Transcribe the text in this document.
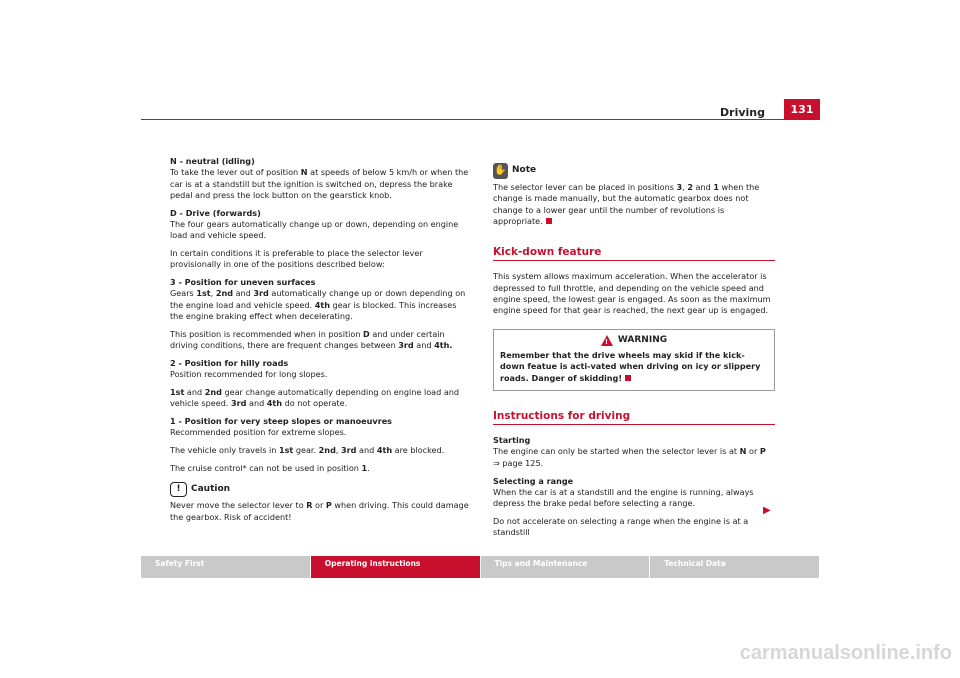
Driving	131
N - neutral (idling)
To take the lever out of position N at speeds of below 5 km/h or when the car is at a standstill but the ignition is switched on, depress the brake pedal and press the lock button on the gearstick knob.
D - Drive (forwards)
The four gears automatically change up or down, depending on engine load and vehicle speed.
In certain conditions it is preferable to place the selector lever provisionally in one of the positions described below:
3 - Position for uneven surfaces
Gears 1st, 2nd and 3rd automatically change up or down depending on the engine load and vehicle speed. 4th gear is blocked. This increases the engine braking effect when decelerating.
This position is recommended when in position D and under certain driving conditions, there are frequent changes between 3rd and 4th.
2 - Position for hilly roads
Position recommended for long slopes.
1st and 2nd gear change automatically depending on engine load and vehicle speed. 3rd and 4th do not operate.
1 - Position for very steep slopes or manoeuvres
Recommended position for extreme slopes.
The vehicle only travels in 1st gear. 2nd, 3rd and 4th are blocked.
The cruise control* can not be used in position 1.
!	Caution
Never move the selector lever to R or P when driving. This could damage the gearbox. Risk of accident!
✋ Note
The selector lever can be placed in positions 3, 2 and 1 when the change is made manually, but the automatic gearbox does not change to a lower gear until the number of revolutions is appropriate.
Kick-down feature
This system allows maximum acceleration. When the accelerator is depressed to full throttle, and depending on the vehicle speed and engine speed, the lowest gear is engaged. As soon as the maximum engine speed for that gear is reached, the next gear up is engaged.
! WARNING
Remember that the drive wheels may skid if the kick-down featue is acti-vated when driving on icy or slippery roads. Danger of skidding!
Instructions for driving
Starting
The engine can only be started when the selector lever is at N or P ⇒ page 125.
Selecting a range
When the car is at a standstill and the engine is running, always depress the brake pedal before selecting a range.
Do not accelerate on selecting a range when the engine is at a standstill
▶
Safety First	Operating instructions	Tips and Maintenance	Technical Data
carmanualsonline.info
